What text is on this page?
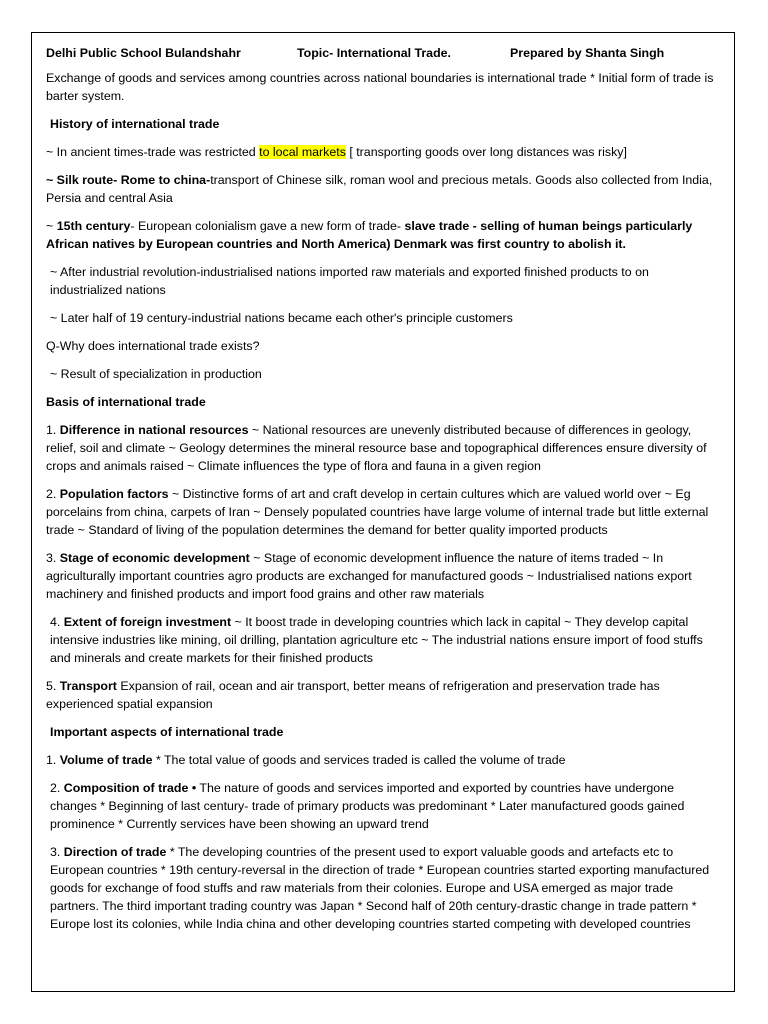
Delhi Public School Bulandshahr	Topic- International Trade.	Prepared by Shanta Singh

Exchange of goods and services among countries across national boundaries is international trade * Initial form of trade is barter system.

History of international trade

~ In ancient times-trade was restricted to local markets [ transporting goods over long distances was risky]

~ Silk route- Rome to china-transport of Chinese silk, roman wool and precious metals. Goods also collected from India, Persia and central Asia

~ 15th century- European colonialism gave a new form of trade- slave trade - selling of human beings particularly African natives by European countries and North America) Denmark was first country to abolish it.

~ After industrial revolution-industrialised nations imported raw materials and exported finished products to on industrialized nations

~ Later half of 19 century-industrial nations became each other's principle customers

Q-Why does international trade exists?

~ Result of specialization in production

Basis of international trade

1. Difference in national resources ~ National resources are unevenly distributed because of differences in geology, relief, soil and climate ~ Geology determines the mineral resource base and topographical differences ensure diversity of crops and animals raised ~ Climate influences the type of flora and fauna in a given region

2. Population factors ~ Distinctive forms of art and craft develop in certain cultures which are valued world over ~ Eg porcelains from china, carpets of Iran ~ Densely populated countries have large volume of internal trade but little external trade ~ Standard of living of the population determines the demand for better quality imported products

3. Stage of economic development ~ Stage of economic development influence the nature of items traded ~ In agriculturally important countries agro products are exchanged for manufactured goods ~ Industrialised nations export machinery and finished products and import food grains and other raw materials

4. Extent of foreign investment ~ It boost trade in developing countries which lack in capital ~ They develop capital intensive industries like mining, oil drilling, plantation agriculture etc ~ The industrial nations ensure import of food stuffs and minerals and create markets for their finished products

5. Transport Expansion of rail, ocean and air transport, better means of refrigeration and preservation trade has experienced spatial expansion

Important aspects of international trade

1. Volume of trade * The total value of goods and services traded is called the volume of trade

2. Composition of trade • The nature of goods and services imported and exported by countries have undergone changes * Beginning of last century- trade of primary products was predominant * Later manufactured goods gained prominence * Currently services have been showing an upward trend

3. Direction of trade * The developing countries of the present used to export valuable goods and artefacts etc to European countries * 19th century-reversal in the direction of trade * European countries started exporting manufactured goods for exchange of food stuffs and raw materials from their colonies. Europe and USA emerged as major trade partners. The third important trading country was Japan * Second half of 20th century-drastic change in trade pattern * Europe lost its colonies, while India china and other developing countries started competing with developed countries
